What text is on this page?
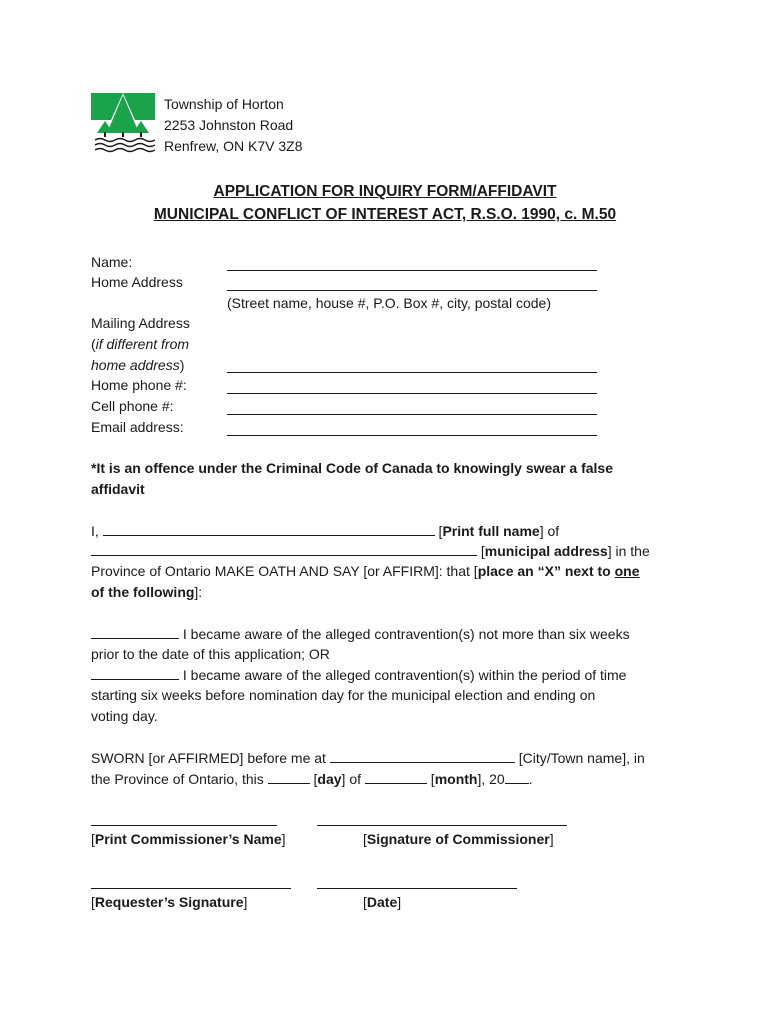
Township of Horton
2253 Johnston Road
Renfrew, ON K7V 3Z8
APPLICATION FOR INQUIRY FORM/AFFIDAVIT
MUNICIPAL CONFLICT OF INTEREST ACT, R.S.O. 1990, c. M.50
Name:
Home Address
(Street name, house #, P.O. Box #, city, postal code)
Mailing Address
(if different from
home address)
Home phone #:
Cell phone #:
Email address:
*It is an offence under the Criminal Code of Canada to knowingly swear a false
affidavit
I,	[Print full name] of
[municipal address] in the
Province of Ontario MAKE OATH AND SAY [or AFFIRM]: that [place an “X” next to one
of the following]:
I became aware of the alleged contravention(s) not more than six weeks
prior to the date of this application; OR
I became aware of the alleged contravention(s) within the period of time
starting six weeks before nomination day for the municipal election and ending on
voting day.
SWORN [or AFFIRMED] before me at	[City/Town name], in
the Province of Ontario, this	[day] of	[month], 20 .
[Print Commissioner’s Name]	[Signature of Commissioner]
[Requester’s Signature]	[Date]
